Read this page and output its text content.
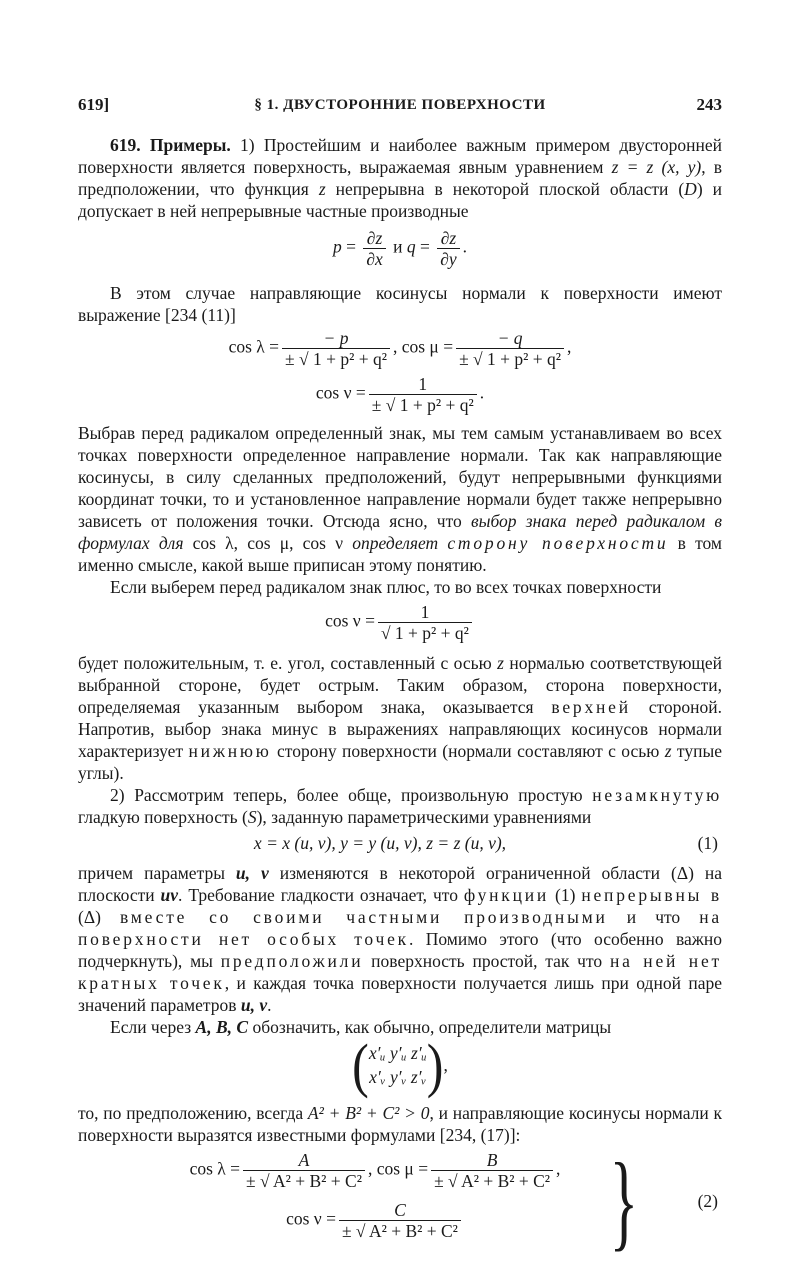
619]	§ 1. ДВУСТОРОННИЕ ПОВЕРХНОСТИ	243

619. Примеры. 1) Простейшим и наиболее важным примером двусторонней поверхности является поверхность, выражаемая явным уравнением z = z (x, y), в предположении, что функция z непрерывна в некоторой плоской области (D) и допускает в ней непрерывные частные производные

$p = \frac{\partial z}{\partial x}$ и $q = \frac{\partial z}{\partial y}$ .

В этом случае направляющие косинусы нормали к поверхности имеют выражение [234 (11)]

$\cos \lambda = \frac{- p}{\text{± √ 1 + p² + q²}}$ , $\cos \mu = \frac{- q}{\text{± √ 1 + p² + q²}}$ ,
$\cos \nu = \frac{1}{\text{± √ 1 + p² + q²}}$ .

Выбрав перед радикалом определенный знак, мы тем самым устанавливаем во всех точках поверхности определенное направление нормали. Так как направляющие косинусы, в силу сделанных предположений, будут непрерывными функциями координат точки, то и установленное направление нормали будет также непрерывно зависеть от положения точки. Отсюда ясно, что выбор знака перед радикалом в формулах для cos λ, cos μ, cos ν определяет сторону поверхности в том именно смысле, какой выше приписан этому понятию.

Если выберем перед радикалом знак плюс, то во всех точках поверхности

$\cos \nu = \frac{1}{\text{√ 1 + p² + q²}}$

будет положительным, т. е. угол, составленный с осью z нормалью соответствующей выбранной стороне, будет острым. Таким образом, сторона поверхности, определяемая указанным выбором знака, оказывается верхней стороной. Напротив, выбор знака минус в выражениях направляющих косинусов нормали характеризует нижнюю сторону поверхности (нормали составляют с осью z тупые углы).

2) Рассмотрим теперь, более обще, произвольную простую незамкнутую гладкую поверхность (S), заданную параметрическими уравнениями

x = x (u, v), y = y (u, v), z = z (u, v),	(1)

причем параметры u, v изменяются в некоторой ограниченной области (Δ) на плоскости uv. Требование гладкости означает, что функции (1) непрерывны в (Δ) вместе со своими частными производными и что на поверхности нет особых точек. Помимо этого (что особенно важно подчеркнуть), мы предположили поверхность простой, так что на ней нет кратных точек, и каждая точка поверхности получается лишь при одной паре значений параметров u, v.

Если через A, B, C обозначить, как обычно, определители матрицы

( x′ᵤ y′ᵤ z′ᵤ
x′ᵥ y′ᵥ z′ᵥ ) ,

то, по предположению, всегда A² + B² + C² > 0, и направляющие косинусы нормали к поверхности выразятся известными формулами [234, (17)]:

$\cos \lambda = \frac{A}{\text{± √ A² + B² + C²}}$ , $\cos \mu = \frac{B}{\text{± √ A² + B² + C²}}$ ,
$\cos \nu = \frac{C}{\text{± √ A² + B² + C²}}$ }	(2)
